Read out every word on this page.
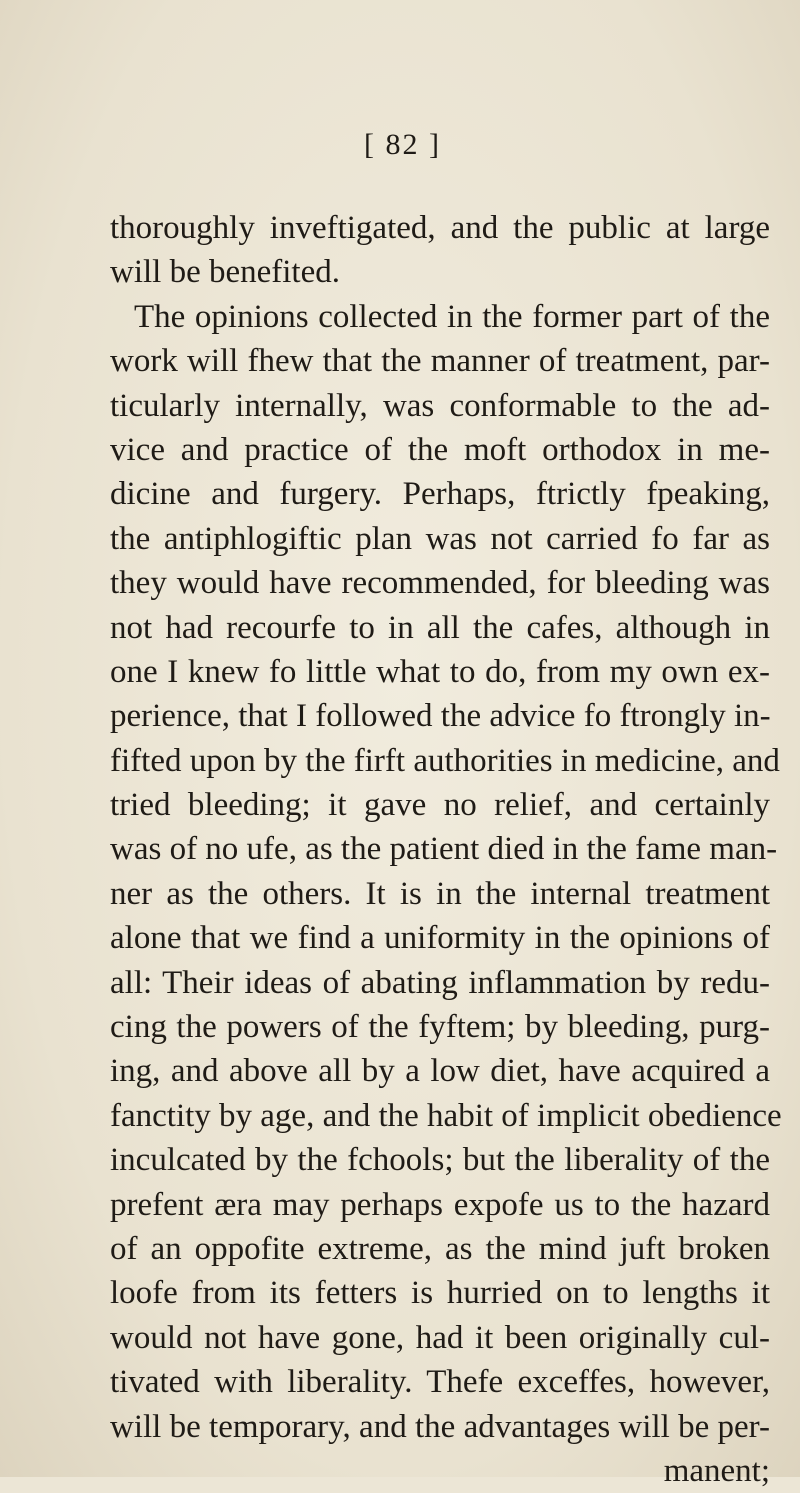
[ 82 ]
thoroughly inveftigated, and the public at large
will be benefited.
The opinions collected in the former part of the
work will fhew that the manner of treatment, par-
ticularly internally, was conformable to the ad-
vice and practice of the moft orthodox in me-
dicine and furgery. Perhaps, ftrictly fpeaking,
the antiphlogiftic plan was not carried fo far as
they would have recommended, for bleeding was
not had recourfe to in all the cafes, although in
one I knew fo little what to do, from my own ex-
perience, that I followed the advice fo ftrongly in-
fifted upon by the firft authorities in medicine, and
tried bleeding; it gave no relief, and certainly
was of no ufe, as the patient died in the fame man-
ner as the others. It is in the internal treatment
alone that we find a uniformity in the opinions of
all: Their ideas of abating inflammation by redu-
cing the powers of the fyftem; by bleeding, purg-
ing, and above all by a low diet, have acquired a
fanctity by age, and the habit of implicit obedience
inculcated by the fchools; but the liberality of the
prefent æra may perhaps expofe us to the hazard
of an oppofite extreme, as the mind juft broken
loofe from its fetters is hurried on to lengths it
would not have gone, had it been originally cul-
tivated with liberality. Thefe exceffes, however,
will be temporary, and the advantages will be per-
manent;
